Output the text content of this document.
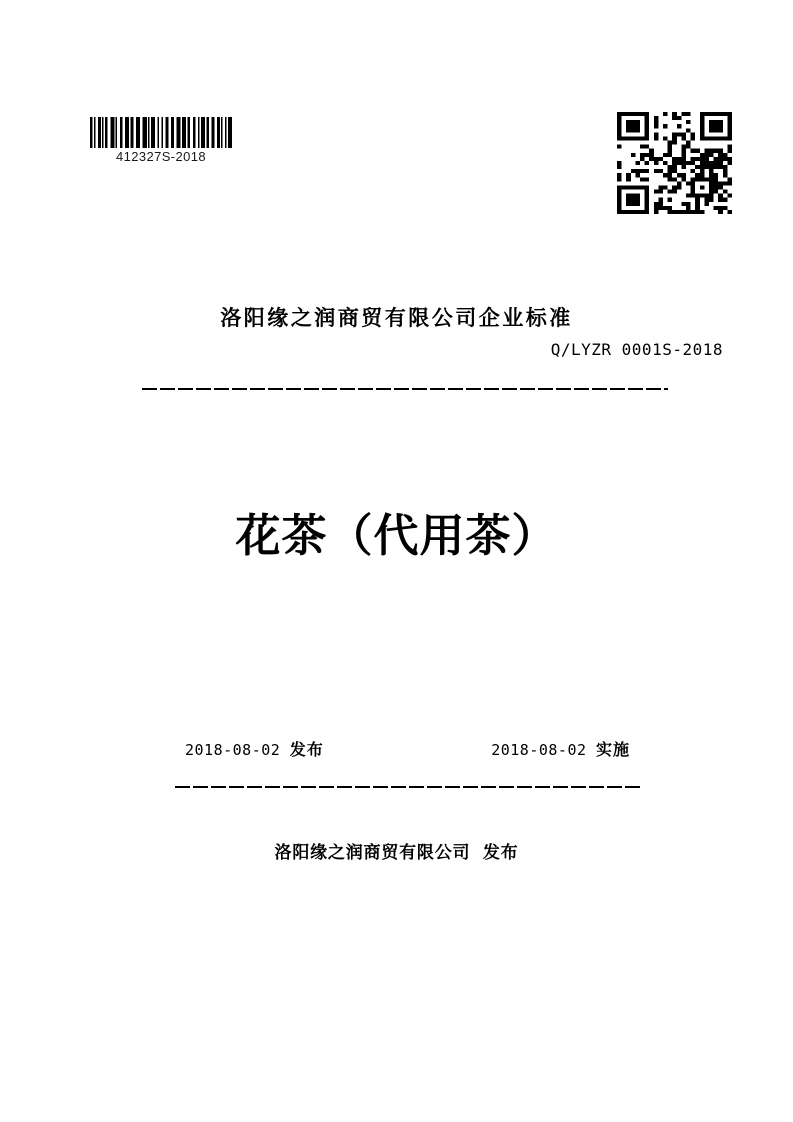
412327S-2018
洛阳缘之润商贸有限公司企业标准
Q/LYZR 0001S-2018
花茶（代用茶）
2018-08-02 发布	2018-08-02 实施
洛阳缘之润商贸有限公司 发布
